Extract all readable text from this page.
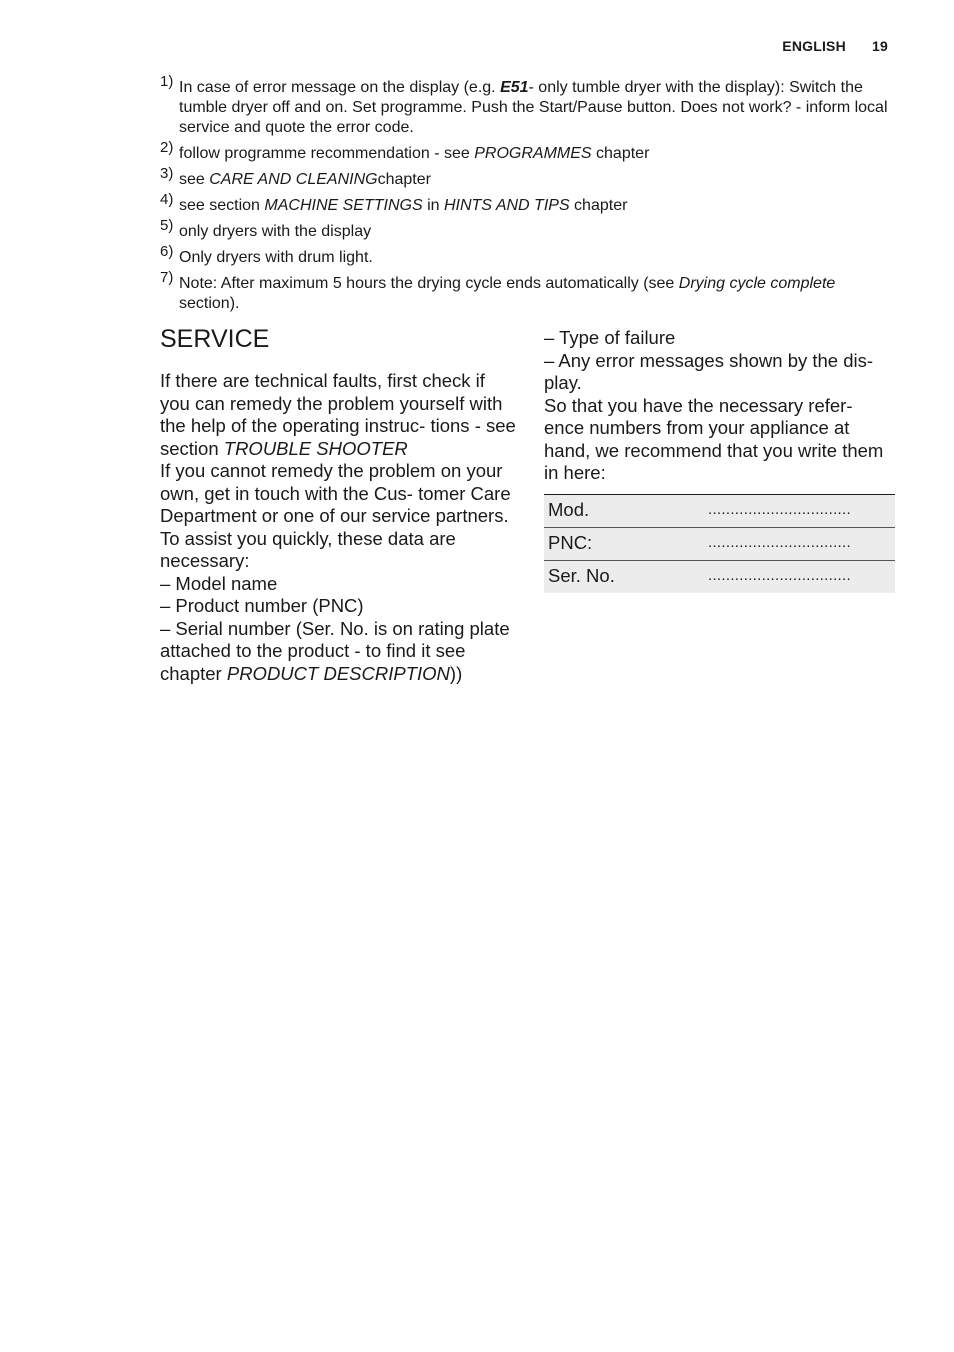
ENGLISH 19
1) In case of error message on the display (e.g. E51- only tumble dryer with the display): Switch the tumble dryer off and on. Set programme. Push the Start/Pause button. Does not work? - inform local service and quote the error code.
2) follow programme recommendation - see PROGRAMMES chapter
3) see CARE AND CLEANINGchapter
4) see section MACHINE SETTINGS in HINTS AND TIPS chapter
5) only dryers with the display
6) Only dryers with drum light.
7) Note: After maximum 5 hours the drying cycle ends automatically (see Drying cycle complete section).
SERVICE

If there are technical faults, first check if you can remedy the problem yourself with the help of the operating instruc- tions - see section TROUBLE SHOOTER

If you cannot remedy the problem on your own, get in touch with the Cus- tomer Care Department or one of our service partners.

To assist you quickly, these data are necessary:

– Model name

– Product number (PNC)

– Serial number (Ser. No. is on rating plate attached to the product - to find it see chapter PRODUCT DESCRIPTION))

– Type of failure

– Any error messages shown by the dis- play.

So that you have the necessary refer- ence numbers from your appliance at hand, we recommend that you write them in here:

Mod.	................................
PNC:	................................
Ser. No.	................................
